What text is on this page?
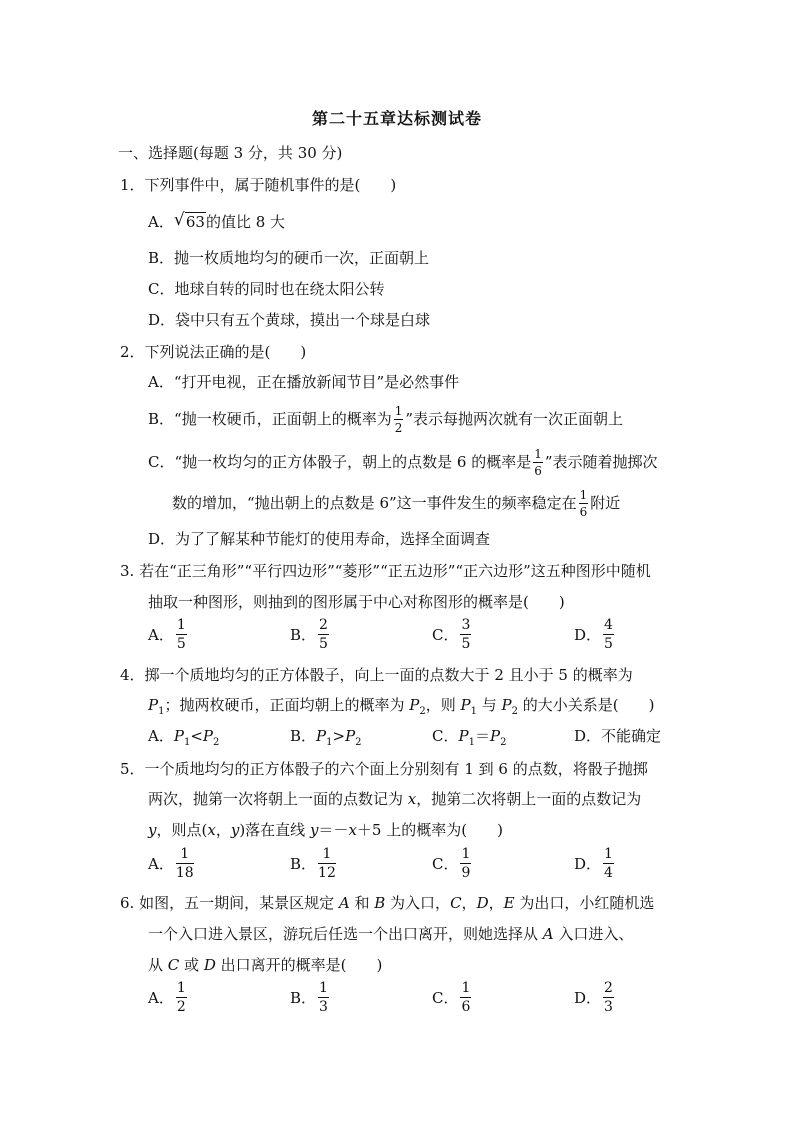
第二十五章达标测试卷
一、选择题(每题 3 分，共 30 分)
1．下列事件中，属于随机事件的是(　　)
A． √ 63的值比 8 大
B．抛一枚质地均匀的硬币一次，正面朝上
C．地球自转的同时也在绕太阳公转
D．袋中只有五个黄球，摸出一个球是白球
2．下列说法正确的是(　　)
A．“打开电视，正在播放新闻节目”是必然事件
B．“抛一枚硬币，正面朝上的概率为 $\frac{1}{2}$ ”表示每抛两次就有一次正面朝上
C．“抛一枚均匀的正方体骰子，朝上的点数是 6 的概率是 $\frac{1}{6}$ ”表示随着抛掷次
数的增加，“抛出朝上的点数是 6”这一事件发生的频率稳定在 $\frac{1}{6}$ 附近
D．为了了解某种节能灯的使用寿命，选择全面调查
3. 若在“正三角形”“平行四边形”“菱形”“正五边形”“正六边形”这五种图形中随机
抽取一种图形，则抽到的图形属于中心对称图形的概率是(　　)
A． $\frac{1}{5}$	B． $\frac{2}{5}$	C． $\frac{3}{5}$	D． $\frac{4}{5}$
4．掷一个质地均匀的正方体骰子，向上一面的点数大于 2 且小于 5 的概率为
$P_1$；抛两枚硬币，正面均朝上的概率为 $P_2$，则 $P_1$ 与 $P_2$ 的大小关系是(　　)
A．$P_1<P_2$	B．$P_1>P_2$	C．$P_1=P_2$	D．不能确定
5．一个质地均匀的正方体骰子的六个面上分别刻有 1 到 6 的点数，将骰子抛掷
两次，抛第一次将朝上一面的点数记为 x，抛第二次将朝上一面的点数记为
y，则点(x，y)落在直线 y＝－x＋5 上的概率为(　　)
A． $\frac{1}{18}$	B． $\frac{1}{12}$	C． $\frac{1}{9}$	D． $\frac{1}{4}$
6. 如图，五一期间，某景区规定 A 和 B 为入口，C，D，E 为出口，小红随机选
一个入口进入景区，游玩后任选一个出口离开，则她选择从 A 入口进入、
从 C 或 D 出口离开的概率是(　　)
A． $\frac{1}{2}$	B． $\frac{1}{3}$	C． $\frac{1}{6}$	D． $\frac{2}{3}$
